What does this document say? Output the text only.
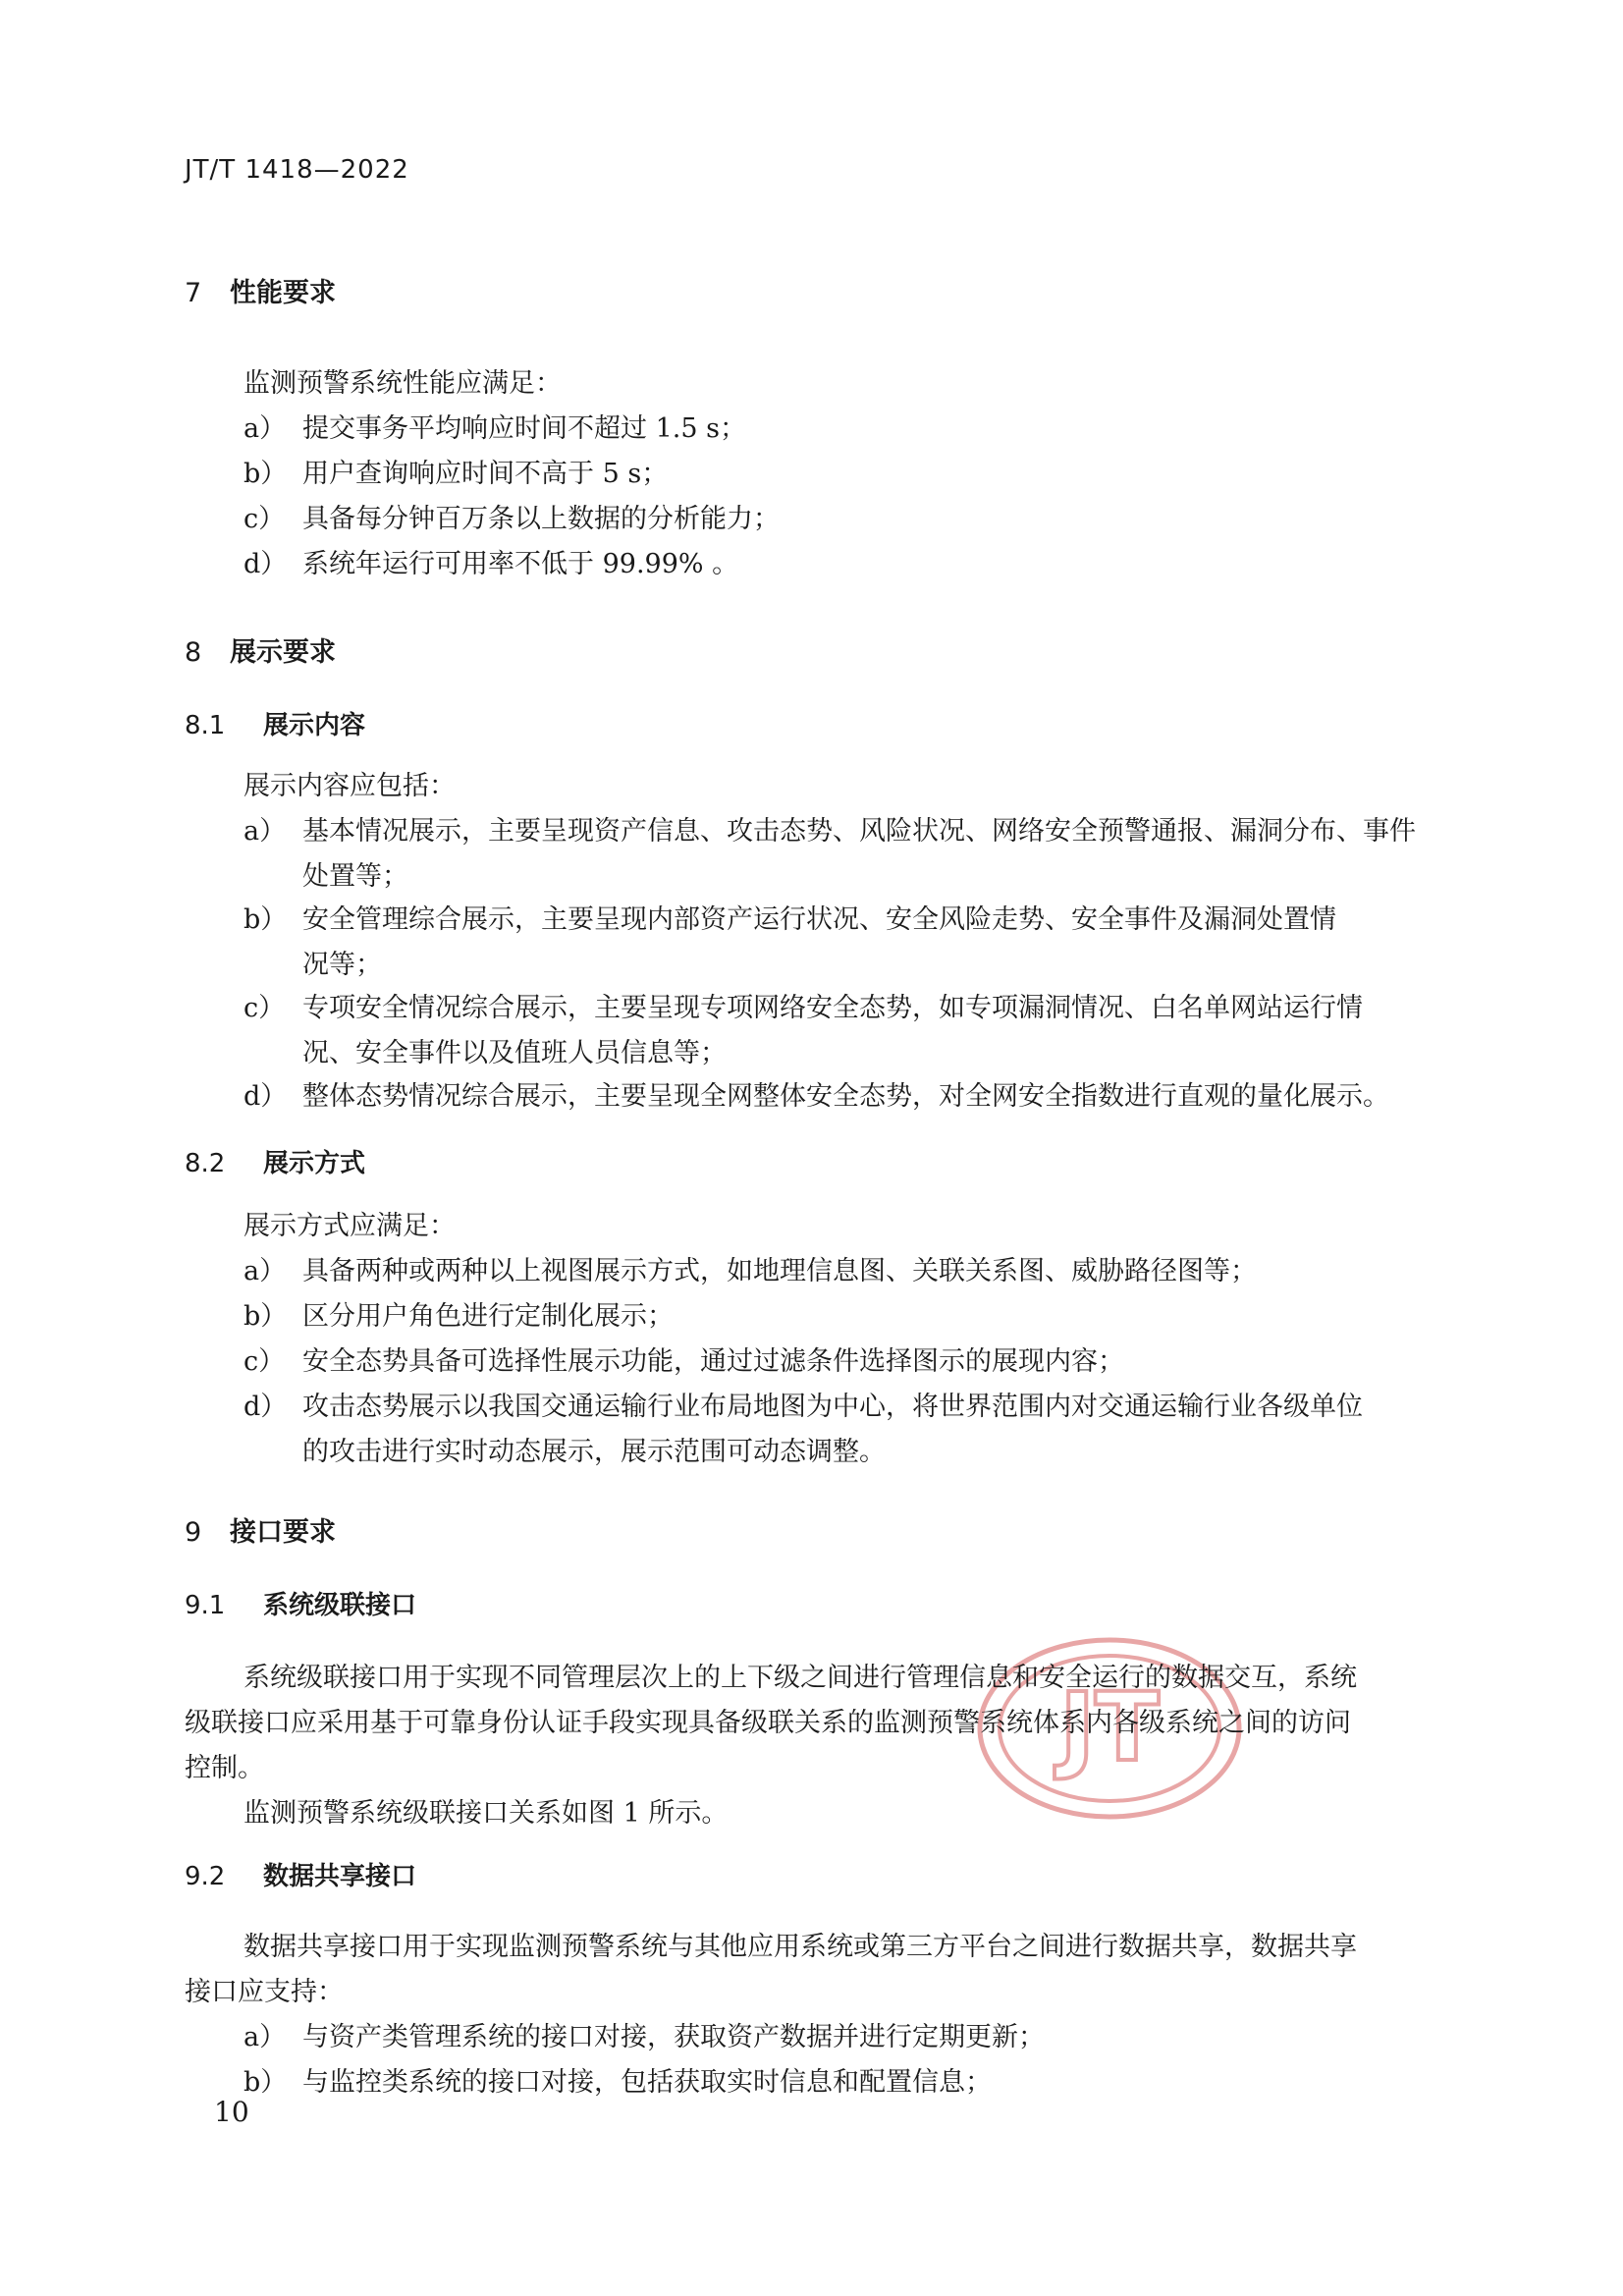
JT/T 1418—2022
7 性能要求
监测预警系统性能应满足：
a） 提交事务平均响应时间不超过 1.5 s；
b） 用户查询响应时间不高于 5 s；
c） 具备每分钟百万条以上数据的分析能力；
d） 系统年运行可用率不低于 99.99% 。
8 展示要求
8.1 展示内容
展示内容应包括：
a） 基本情况展示，主要呈现资产信息、攻击态势、风险状况、网络安全预警通报、漏洞分布、事件
处置等；
b） 安全管理综合展示，主要呈现内部资产运行状况、安全风险走势、安全事件及漏洞处置情
况等；
c） 专项安全情况综合展示，主要呈现专项网络安全态势，如专项漏洞情况、白名单网站运行情
况、安全事件以及值班人员信息等；
d） 整体态势情况综合展示，主要呈现全网整体安全态势，对全网安全指数进行直观的量化展示。
8.2 展示方式
展示方式应满足：
a） 具备两种或两种以上视图展示方式，如地理信息图、关联关系图、威胁路径图等；
b） 区分用户角色进行定制化展示；
c） 安全态势具备可选择性展示功能，通过过滤条件选择图示的展现内容；
d） 攻击态势展示以我国交通运输行业布局地图为中心，将世界范围内对交通运输行业各级单位
的攻击进行实时动态展示，展示范围可动态调整。
9 接口要求
JT
9.1 系统级联接口
系统级联接口用于实现不同管理层次上的上下级之间进行管理信息和安全运行的数据交互，系统
级联接口应采用基于可靠身份认证手段实现具备级联关系的监测预警系统体系内各级系统之间的访问
控制。
监测预警系统级联接口关系如图 1 所示。
9.2 数据共享接口
数据共享接口用于实现监测预警系统与其他应用系统或第三方平台之间进行数据共享，数据共享
接口应支持：
a） 与资产类管理系统的接口对接，获取资产数据并进行定期更新；
b） 与监控类系统的接口对接，包括获取实时信息和配置信息；
10
